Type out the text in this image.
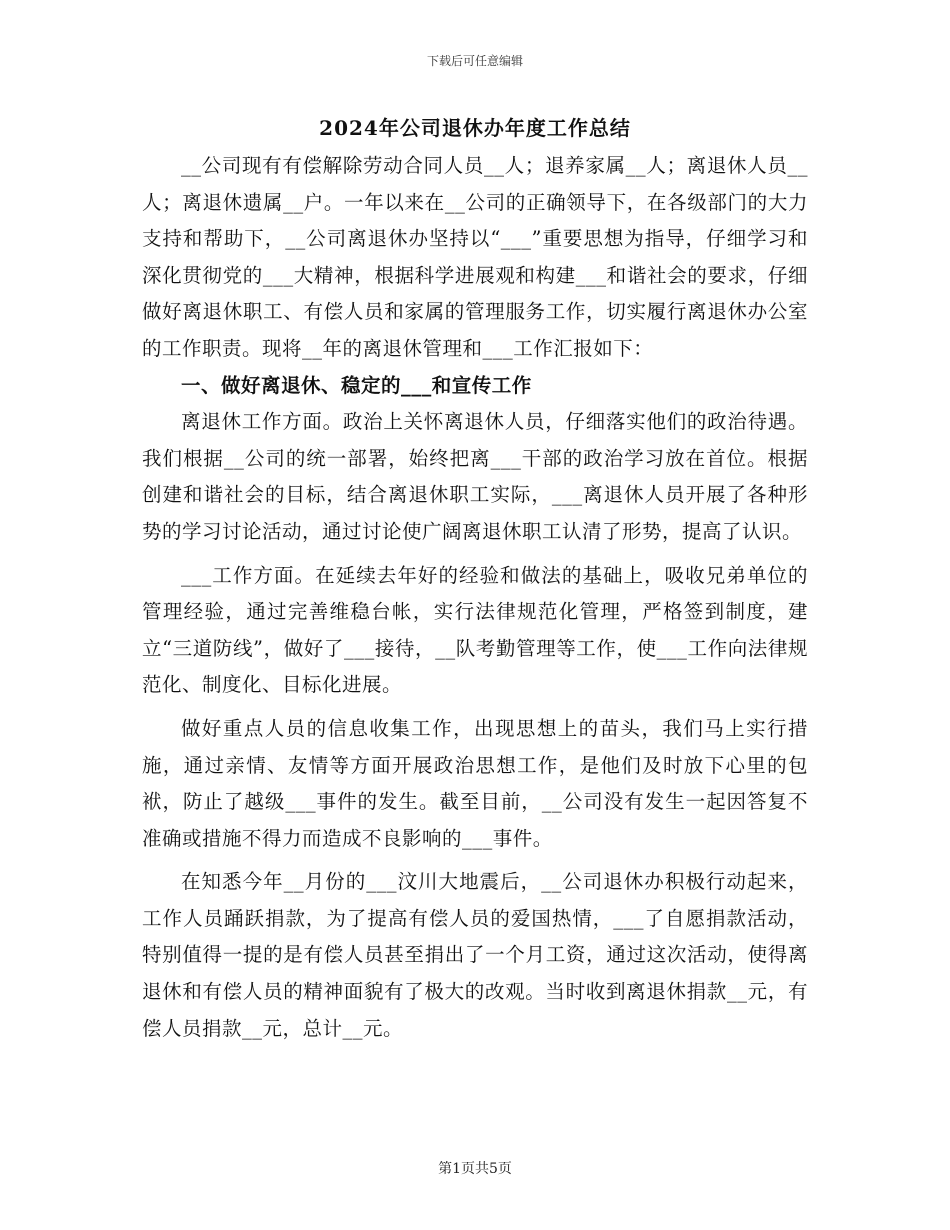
下载后可任意编辑
2024年公司退休办年度工作总结

__公司现有有偿解除劳动合同人员__人；退养家属__人；离退休人员__人；离退休遗属__户。一年以来在__公司的正确领导下，在各级部门的大力支持和帮助下，__公司离退休办坚持以“___”重要思想为指导，仔细学习和深化贯彻党的___大精神，根据科学进展观和构建___和谐社会的要求，仔细做好离退休职工、有偿人员和家属的管理服务工作，切实履行离退休办公室的工作职责。现将__年的离退休管理和___工作汇报如下：

一、做好离退休、稳定的___和宣传工作

离退休工作方面。政治上关怀离退休人员，仔细落实他们的政治待遇。我们根据__公司的统一部署，始终把离___干部的政治学习放在首位。根据创建和谐社会的目标，结合离退休职工实际，___离退休人员开展了各种形势的学习讨论活动，通过讨论使广阔离退休职工认清了形势，提高了认识。

___工作方面。在延续去年好的经验和做法的基础上，吸收兄弟单位的管理经验，通过完善维稳台帐，实行法律规范化管理，严格签到制度，建立“三道防线”，做好了___接待，__队考勤管理等工作，使___工作向法律规范化、制度化、目标化进展。

做好重点人员的信息收集工作，出现思想上的苗头，我们马上实行措施，通过亲情、友情等方面开展政治思想工作，是他们及时放下心里的包袱，防止了越级___事件的发生。截至目前，__公司没有发生一起因答复不准确或措施不得力而造成不良影响的___事件。

在知悉今年__月份的___汶川大地震后，__公司退休办积极行动起来，工作人员踊跃捐款，为了提高有偿人员的爱国热情，___了自愿捐款活动，特别值得一提的是有偿人员甚至捐出了一个月工资，通过这次活动，使得离退休和有偿人员的精神面貌有了极大的改观。当时收到离退休捐款__元，有偿人员捐款__元，总计__元。

第1页共5页
